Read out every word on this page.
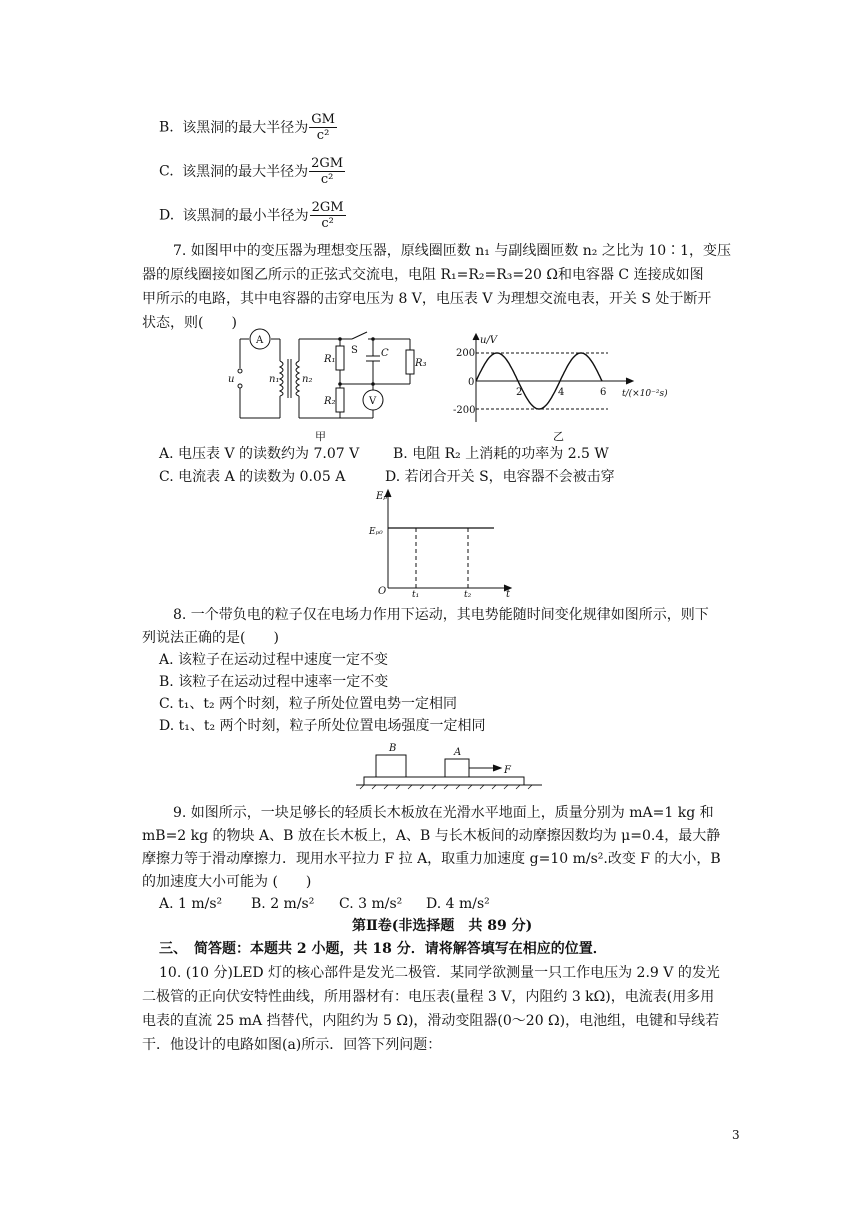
B. 该黑洞的最大半径为 $\frac{GM}{\text{c²}}$
C. 该黑洞的最大半径为 $\frac{2GM}{\text{c²}}$
D. 该黑洞的最小半径为 $\frac{2GM}{\text{c²}}$
7. 如图甲中的变压器为理想变压器，原线圈匝数 n₁ 与副线圈匝数 n₂ 之比为 10∶1，变压
器的原线圈接如图乙所示的正弦式交流电，电阻 R₁=R₂=R₃=20 Ω和电容器 C 连接成如图
甲所示的电路，其中电容器的击穿电压为 8 V，电压表 V 为理想交流电表，开关 S 处于断开
状态，则(　　)
A
u	n₁ n₂
S
R₁
R₂
R₃
C
V
甲
u/V
t/(×10⁻²s)
200
0
-200
2	4	6
乙
A. 电压表 V 的读数约为 7.07 V B. 电阻 R₂ 上消耗的功率为 2.5 W
C. 电流表 A 的读数为 0.05 A	D. 若闭合开关 S，电容器不会被击穿
Eₚ
Eₚ₀
O	t₁	t₂	t
8. 一个带负电的粒子仅在电场力作用下运动，其电势能随时间变化规律如图所示，则下
列说法正确的是(　　)
A. 该粒子在运动过程中速度一定不变
B. 该粒子在运动过程中速率一定不变
C. t₁、t₂ 两个时刻，粒子所处位置电势一定相同
D. t₁、t₂ 两个时刻，粒子所处位置电场强度一定相同
B	A
F
9. 如图所示，一块足够长的轻质长木板放在光滑水平地面上，质量分别为 mA=1 kg 和
mB=2 kg 的物块 A、B 放在长木板上，A、B 与长木板间的动摩擦因数均为 μ=0.4，最大静
摩擦力等于滑动摩擦力．现用水平拉力 F 拉 A，取重力加速度 g=10 m/s².改变 F 的大小，B
的加速度大小可能为 (　　)
A. 1 m/s² B. 2 m/s² C. 3 m/s² D. 4 m/s²
第Ⅱ卷(非选择题　共 89 分)
三、　简答题：本题共 2 小题，共 18 分．请将解答填写在相应的位置．
10. (10 分)LED 灯的核心部件是发光二极管．某同学欲测量一只工作电压为 2.9 V 的发光
二极管的正向伏安特性曲线，所用器材有：电压表(量程 3 V，内阻约 3 kΩ)，电流表(用多用
电表的直流 25 mA 挡替代，内阻约为 5 Ω)，滑动变阻器(0～20 Ω)，电池组，电键和导线若
干．他设计的电路如图(a)所示．回答下列问题：
3
